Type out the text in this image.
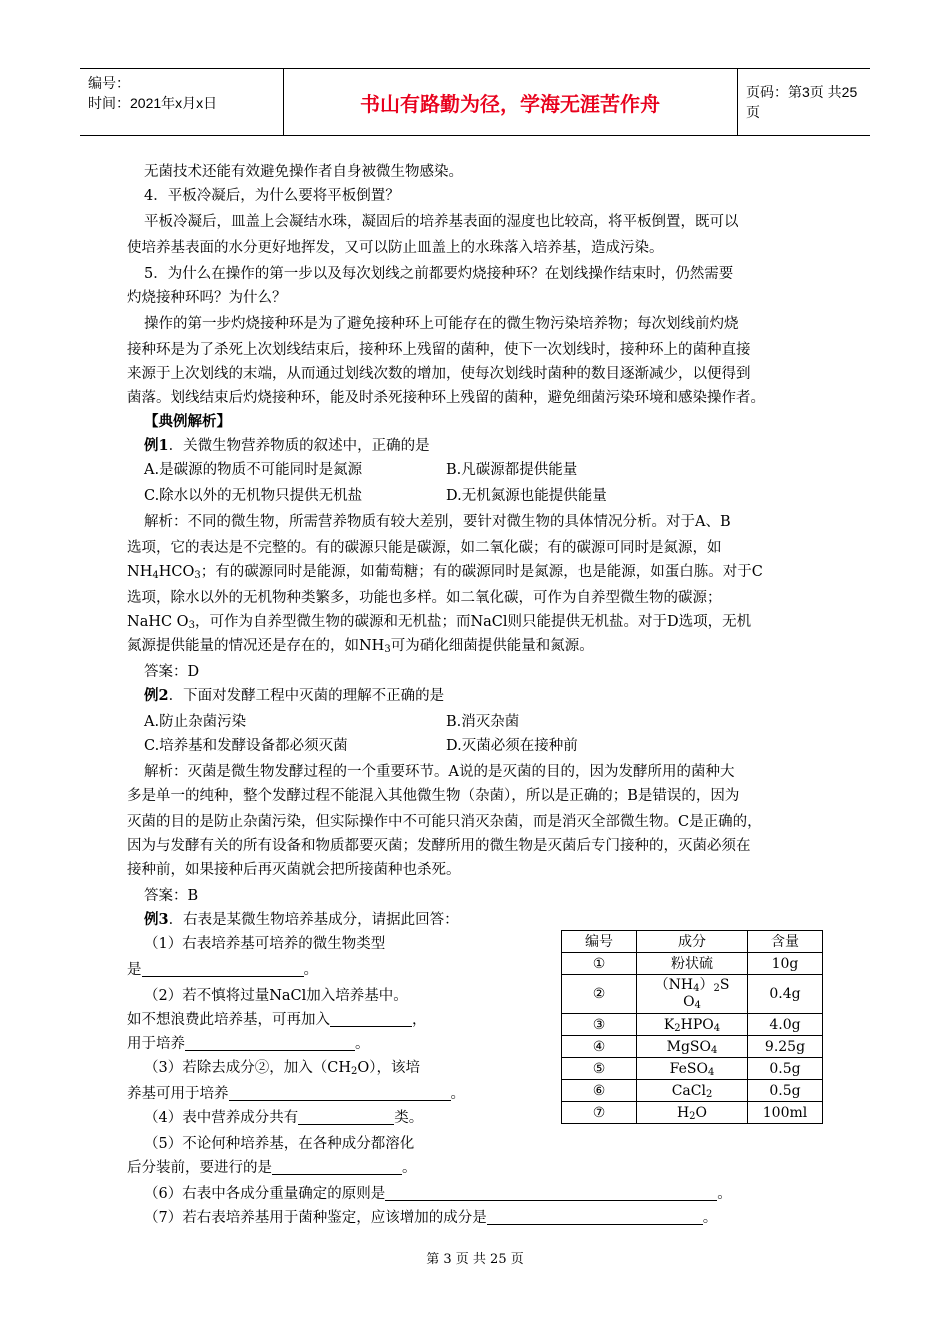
编号：
时间：2021年x月x日	书山有路勤为径，学海无涯苦作舟	页码：第3页 共25页
无菌技术还能有效避免操作者自身被微生物感染。
4．平板冷凝后，为什么要将平板倒置？
平板冷凝后，皿盖上会凝结水珠，凝固后的培养基表面的湿度也比较高，将平板倒置，既可以
使培养基表面的水分更好地挥发，又可以防止皿盖上的水珠落入培养基，造成污染。
5．为什么在操作的第一步以及每次划线之前都要灼烧接种环？在划线操作结束时，仍然需要
灼烧接种环吗？为什么？
操作的第一步灼烧接种环是为了避免接种环上可能存在的微生物污染培养物；每次划线前灼烧
接种环是为了杀死上次划线结束后，接种环上残留的菌种，使下一次划线时，接种环上的菌种直接
来源于上次划线的末端，从而通过划线次数的增加，使每次划线时菌种的数目逐渐减少，以便得到
菌落。划线结束后灼烧接种环，能及时杀死接种环上残留的菌种，避免细菌污染环境和感染操作者。
【典例解析】
例1．关微生物营养物质的叙述中，正确的是
A.是碳源的物质不可能同时是氮源	B.凡碳源都提供能量
C.除水以外的无机物只提供无机盐	D.无机氮源也能提供能量
解析：不同的微生物，所需营养物质有较大差别，要针对微生物的具体情况分析。对于A、B
选项，它的表达是不完整的。有的碳源只能是碳源，如二氧化碳；有的碳源可同时是氮源，如
$NH_4HCO_3$；有的碳源同时是能源，如葡萄糖；有的碳源同时是氮源，也是能源，如蛋白胨。对于C
选项，除水以外的无机物种类繁多，功能也多样。如二氧化碳，可作为自养型微生物的碳源；
NaHC $O_3$，可作为自养型微生物的碳源和无机盐；而NaCl则只能提供无机盐。对于D选项，无机
氮源提供能量的情况还是存在的，如$NH_3$可为硝化细菌提供能量和氮源。
答案：D
例2．下面对发酵工程中灭菌的理解不正确的是
A.防止杂菌污染	B.消灭杂菌
C.培养基和发酵设备都必须灭菌	D.灭菌必须在接种前
解析：灭菌是微生物发酵过程的一个重要环节。A说的是灭菌的目的，因为发酵所用的菌种大
多是单一的纯种，整个发酵过程不能混入其他微生物（杂菌），所以是正确的；B是错误的，因为
灭菌的目的是防止杂菌污染，但实际操作中不可能只消灭杂菌，而是消灭全部微生物。C是正确的，
因为与发酵有关的所有设备和物质都要灭菌；发酵所用的微生物是灭菌后专门接种的，灭菌必须在
接种前，如果接种后再灭菌就会把所接菌种也杀死。
答案：B
例3．右表是某微生物培养基成分，请据此回答：
（1）右表培养基可培养的微生物类型
是	。
（2）若不慎将过量NaCl加入培养基中。
如不想浪费此培养基，可再加入	，
用于培养	。
（3）若除去成分②，加入$(CH_2O)$，该培
养基可用于培养	。
（4）表中营养成分共有	类。
（5）不论何种培养基，在各种成分都溶化
后分装前，要进行的是	。
（6）右表中各成分重量确定的原则是	。
（7）若右表培养基用于菌种鉴定，应该增加的成分是	。
编号	成分	含量
①	粉状硫	10g
②	$(NH_4)_2S$
$O_4$	0.4g
③	$K_2HPO_4$	4.0g
④	MgSO$_4$	9.25g
⑤	FeSO$_4$	0.5g
⑥	CaCl$_2$	0.5g
⑦	$H_2O$	100ml
第 3 页 共 25 页
